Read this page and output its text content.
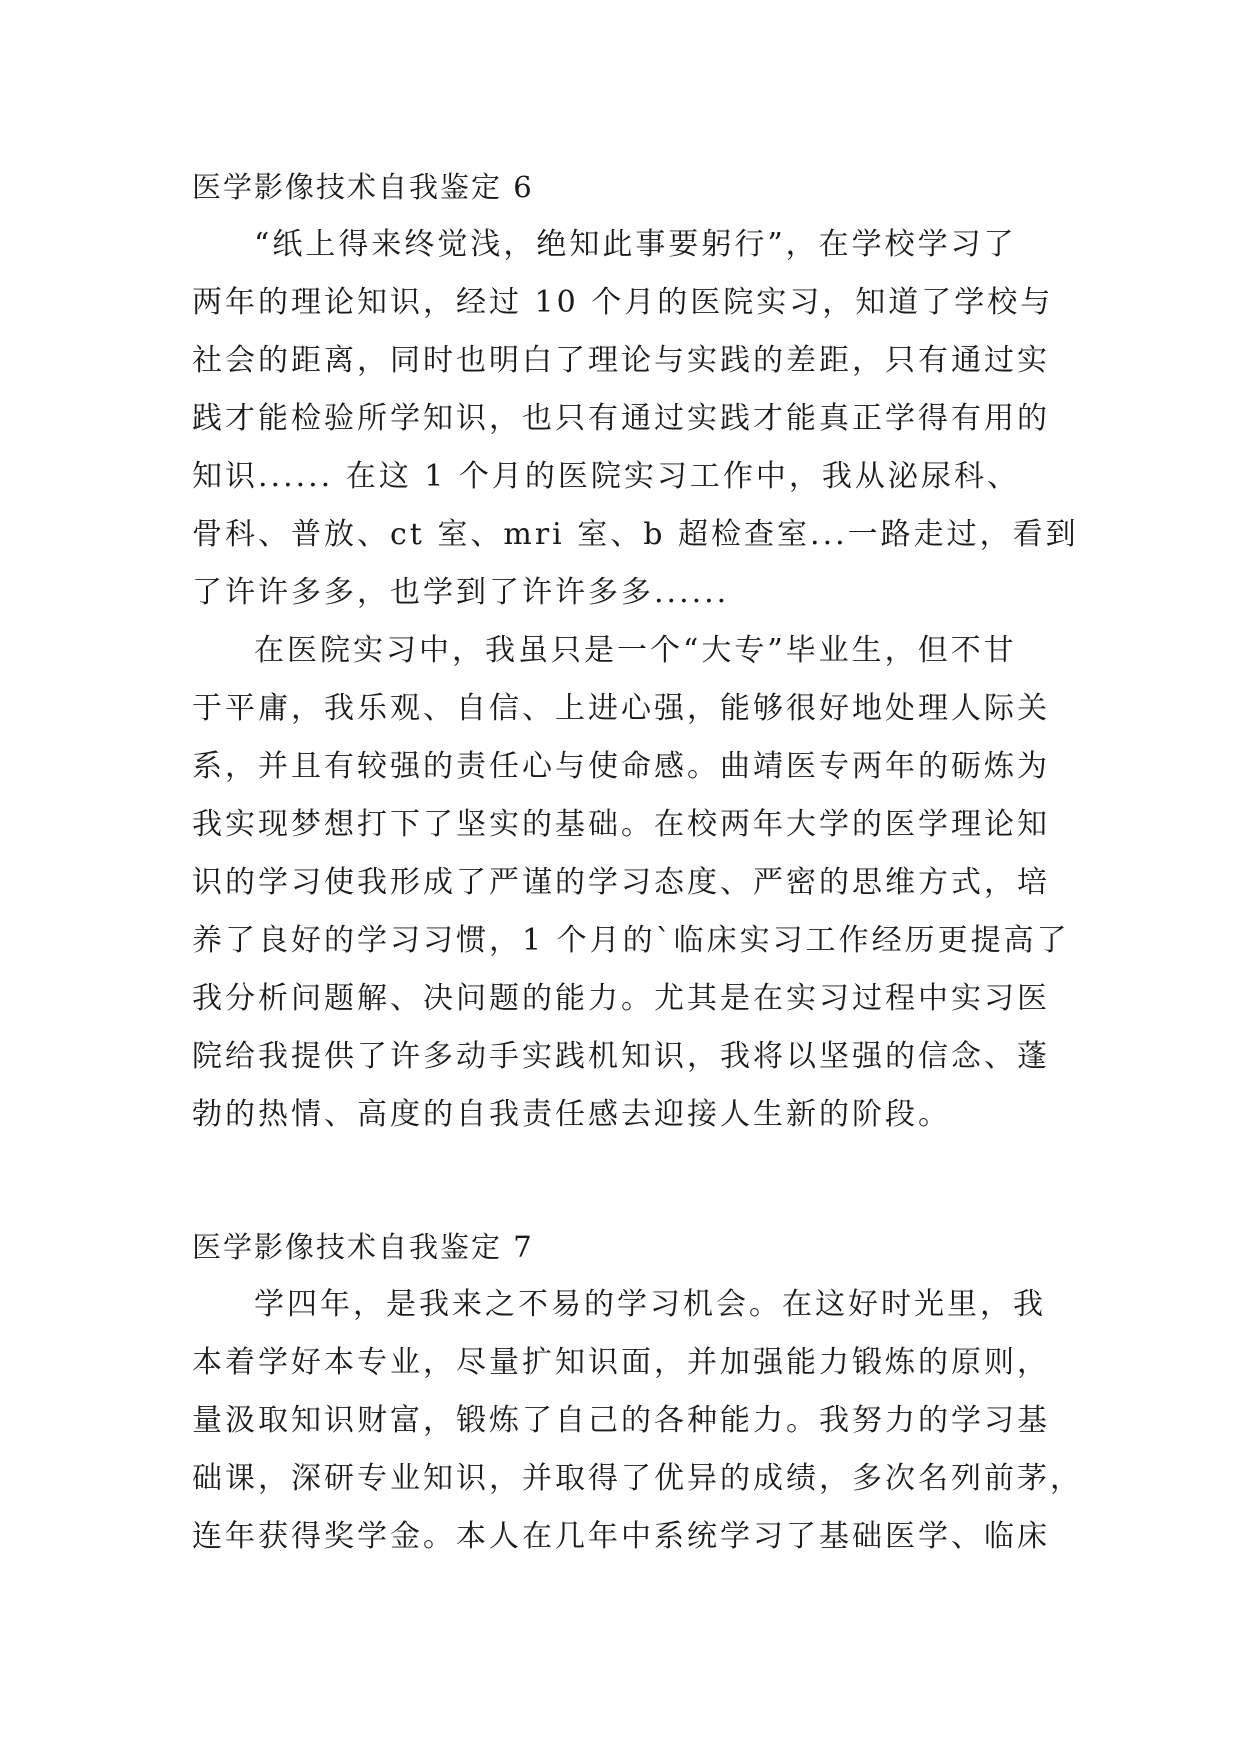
医学影像技术自我鉴定 6
“纸上得来终觉浅，绝知此事要躬行”，在学校学习了
两年的理论知识，经过 10 个月的医院实习，知道了学校与
社会的距离，同时也明白了理论与实践的差距，只有通过实
践才能检验所学知识，也只有通过实践才能真正学得有用的
知识...... 在这 1 个月的医院实习工作中，我从泌尿科、
骨科、普放、ct 室、mri 室、b 超检查室...一路走过，看到
了许许多多，也学到了许许多多......
在医院实习中，我虽只是一个“大专”毕业生，但不甘
于平庸，我乐观、自信、上进心强，能够很好地处理人际关
系，并且有较强的责任心与使命感。曲靖医专两年的砺炼为
我实现梦想打下了坚实的基础。在校两年大学的医学理论知
识的学习使我形成了严谨的学习态度、严密的思维方式，培
养了良好的学习习惯，1 个月的`临床实习工作经历更提高了
我分析问题解、决问题的能力。尤其是在实习过程中实习医
院给我提供了许多动手实践机知识，我将以坚强的信念、蓬
勃的热情、高度的自我责任感去迎接人生新的阶段。
医学影像技术自我鉴定 7
学四年，是我来之不易的学习机会。在这好时光里，我
本着学好本专业，尽量扩知识面，并加强能力锻炼的原则，
量汲取知识财富，锻炼了自己的各种能力。我努力的学习基
础课，深研专业知识，并取得了优异的成绩，多次名列前茅，
连年获得奖学金。本人在几年中系统学习了基础医学、临床
